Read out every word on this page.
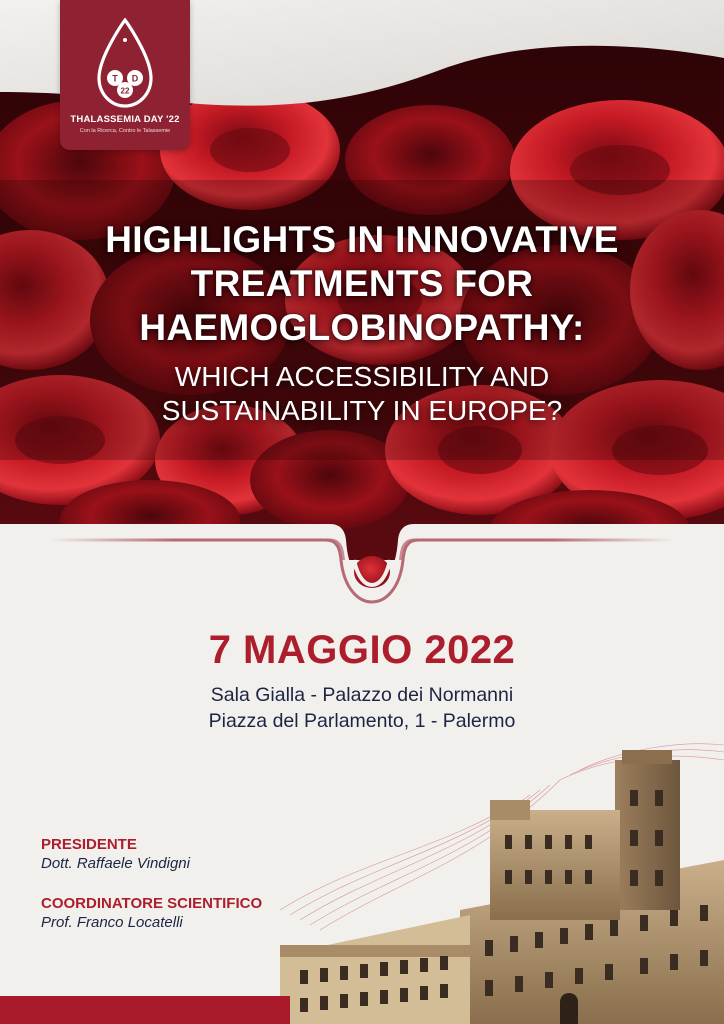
T D
22
THALASSEMIA DAY '22
Con la Ricerca, Contro le Talassemie
HIGHLIGHTS IN INNOVATIVE
TREATMENTS FOR
HAEMOGLOBINOPATHY:
WHICH ACCESSIBILITY AND
SUSTAINABILITY IN EUROPE?
7 MAGGIO 2022
Sala Gialla - Palazzo dei Normanni
Piazza del Parlamento, 1 - Palermo

PRESIDENTE

Dott. Raffaele Vindigni

COORDINATORE SCIENTIFICO

Prof. Franco Locatelli
